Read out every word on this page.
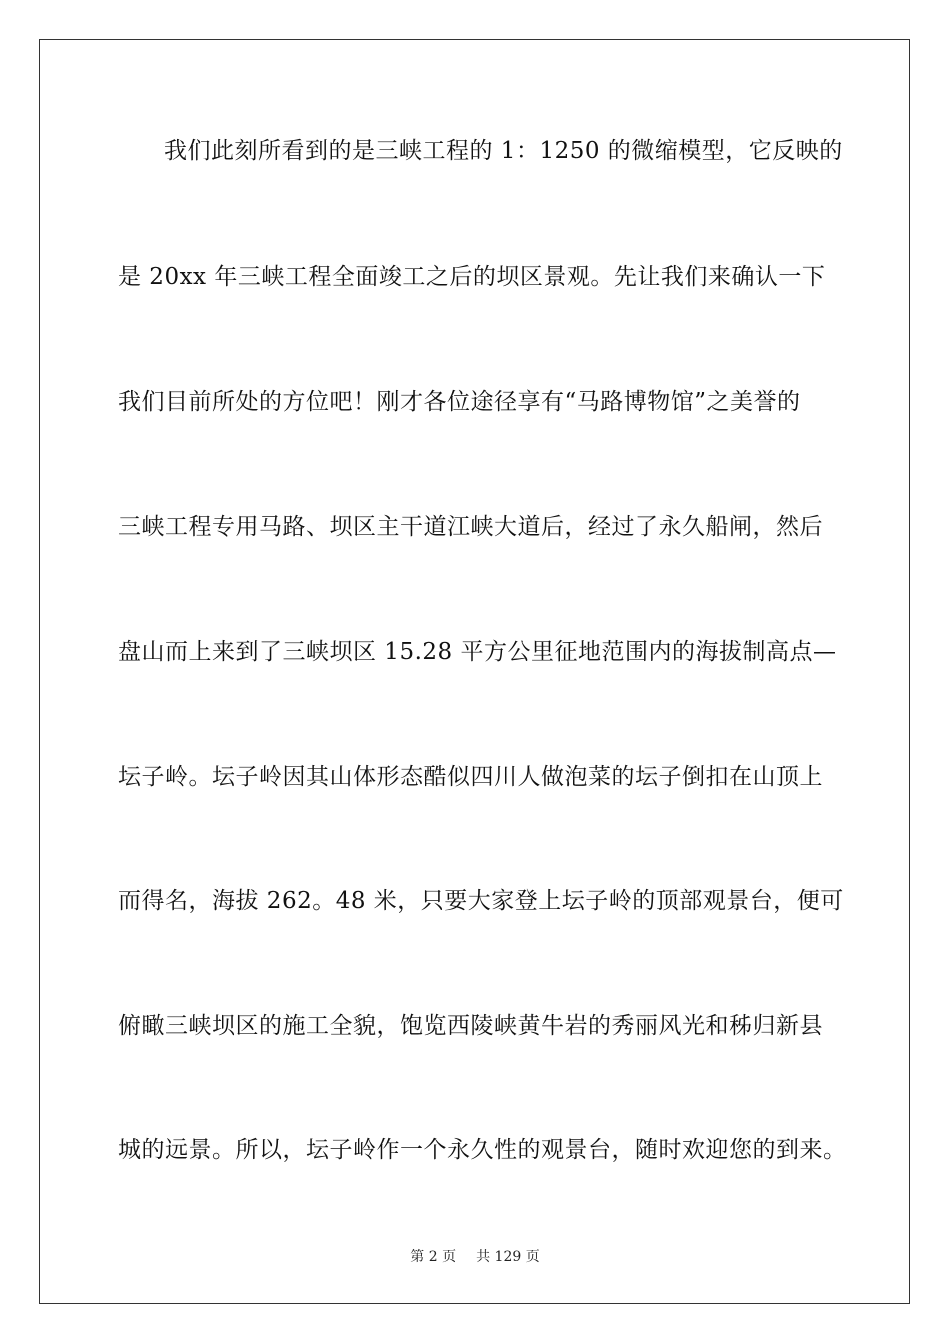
我们此刻所看到的是三峡工程的 1：1250 的微缩模型，它反映的
是 20xx 年三峡工程全面竣工之后的坝区景观。先让我们来确认一下
我们目前所处的方位吧！刚才各位途径享有“马路博物馆”之美誉的
三峡工程专用马路、坝区主干道江峡大道后，经过了永久船闸，然后
盘山而上来到了三峡坝区 15.28 平方公里征地范围内的海拔制高点—
坛子岭。坛子岭因其山体形态酷似四川人做泡菜的坛子倒扣在山顶上
而得名，海拔 262。48 米，只要大家登上坛子岭的顶部观景台，便可
俯瞰三峡坝区的施工全貌，饱览西陵峡黄牛岩的秀丽风光和秭归新县
城的远景。所以，坛子岭作一个永久性的观景台，随时欢迎您的到来。
第 2 页 共 129 页
